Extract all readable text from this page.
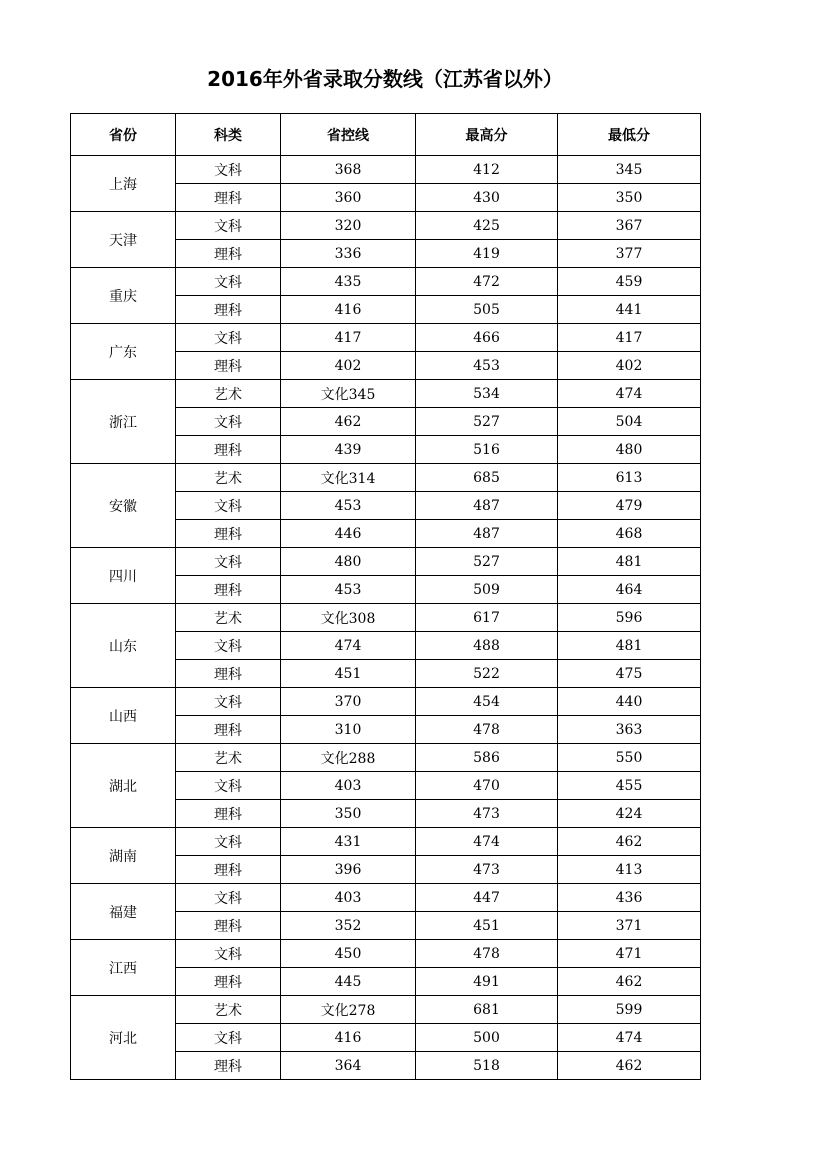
2016年外省录取分数线（江苏省以外）
省份	科类	省控线	最高分	最低分
上海	文科	368	412	345
	理科	360	430	350
天津	文科	320	425	367
	理科	336	419	377
重庆	文科	435	472	459
	理科	416	505	441
广东	文科	417	466	417
	理科	402	453	402
浙江	艺术	文化345	534	474
	文科	462	527	504
	理科	439	516	480
安徽	艺术	文化314	685	613
	文科	453	487	479
	理科	446	487	468
四川	文科	480	527	481
	理科	453	509	464
山东	艺术	文化308	617	596
	文科	474	488	481
	理科	451	522	475
山西	文科	370	454	440
	理科	310	478	363
湖北	艺术	文化288	586	550
	文科	403	470	455
	理科	350	473	424
湖南	文科	431	474	462
	理科	396	473	413
福建	文科	403	447	436
	理科	352	451	371
江西	文科	450	478	471
	理科	445	491	462
河北	艺术	文化278	681	599
	文科	416	500	474
	理科	364	518	462
